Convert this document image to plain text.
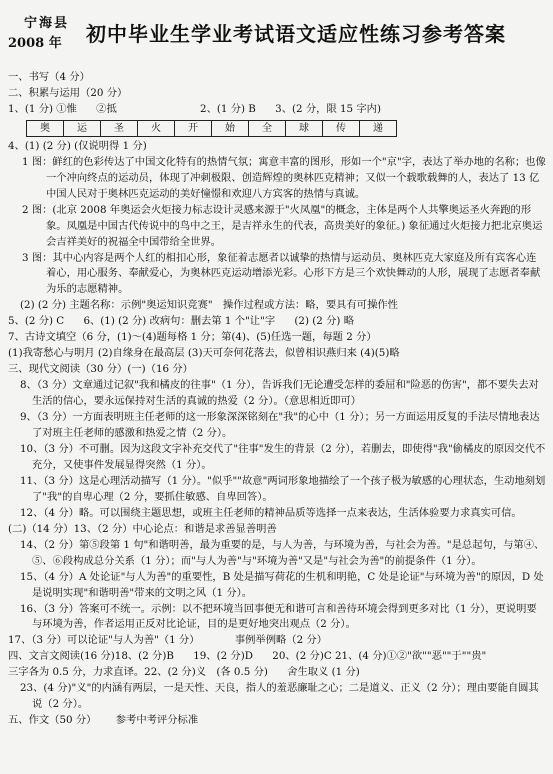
宁海县
2008 年 初中毕业生学业考试语文适应性练习参考答案
一、书写（4 分）
二、积累与运用（20 分）
1、(1 分) ①惟 ②抵	2、(1 分) B 3、(2 分，限 15 字内)
奥	运	圣	火	开	始	全	球	传	递
4、(1) (2 分) (仅说明得 1 分)
1 图：鲜红的色彩传达了中国文化特有的热情气氛；寓意丰富的图形，形如一个"京"字，表达了举办地的名称；也像一个冲向终点的运动员，体现了冲刺极限、创造辉煌的奥林匹克精神；又似一个载歌载舞的人，表达了 13 亿中国人民对于奥林匹克运动的美好憧憬和欢迎八方宾客的热情与真诚。
2 图：(北京 2008 年奥运会火炬接力标志设计灵感来源于"火凤凰"的概念，主体是两个人共擎奥运圣火奔跑的形象。凤凰是中国古代传说中的鸟中之王，是吉祥永生的代表，高贵美好的象征。) 象征通过火炬接力把北京奥运会吉祥美好的祝福全中国带给全世界。
3 图：其中心内容是两个人红的相扣心形，象征着志愿者以诚挚的热情与运动员、奥林匹克大家庭及所有宾客心连着心，用心服务、奉献爱心，为奥林匹克运动增添光彩。心形下方是三个欢快舞动的人形，展现了志愿者奉献为乐的志愿精神。
(2) (2 分) 主题名称：示例"奥运知识竞赛"　操作过程或方法：略，要具有可操作性
5、(2 分) C 6、(1) (2 分) 改病句：删去第 1 个"让"字 (2) (2 分) 略
7、古诗文填空（6 分，(1)～(4)题每格 1 分；第(4)、(5)任选一题，每题 2 分）
(1)我寄愁心与明月 (2)自缘身在最高层 (3)天可奈何花落去，似曾相识燕归来 (4)(5)略
三、现代文阅读（30 分）(一)（16 分）
8、（3 分）文章通过记叙"我和橘皮的往事"（1 分），告诉我们无论遭受怎样的委屈和"险恶的伤害"，都不要失去对生活的信心，要永远保持对生活的真诚的热爱（2 分）。（意思相近即可）
9、（3 分）一方面表明班主任老师的这一形象深深铭刻在"我"的心中（1 分）；另一方面运用反复的手法尽情地表达了对班主任老师的感激和热爱之情（2 分）。
10、（3 分）不可删。因为这段文字补充交代了"往事"发生的背景（2 分），若删去，即使得"我"偷橘皮的原因交代不充分，又使事件发展显得突然（1 分）。
11、（3 分）这是心理活动描写（1 分）。"似乎""故意"两词形象地描绘了一个孩子极为敏感的心理状态，生动地刻划了"我"的自卑心理（2 分，要抓住敏感、自卑回答）。
12、（4 分）略。可以围绕主题思想，或班主任老师的精神品质等选择一点来表达，生活体验要力求真实可信。
(二)（14 分）13、（2 分）中心论点：和谐是求善显善明善
14、（2 分）第⑤段第 1 句"和谐明善，最为重要的是，与人为善，与环境为善，与社会为善。"是总起句，与第④、⑤、⑥段构成总分关系（1 分）；而"与人为善"与"环境为善"又是"与社会为善"的前提条件（1 分）。
15、（4 分）A 处论证"与人为善"的重要性，B 处是描写荷花的生机和明艳，C 处是论证"与环境为善"的原因，D 处是说明实现"和谐明善"带来的文明之风（1 分）。
16、（3 分）答案可不统一。示例：以不把环境当回事便无和谐可言和善待环境会得到更多对比（1 分），更说明要与环境为善，作者运用正反对比论证，目的是更好地突出观点（2 分）。
17、（3 分）可以论证"与人为善"（1 分）	事例举例略（2 分）
四、文言文阅读(16 分)18、(2 分)B 19、(2 分)D 20、(2 分)C 21、(4 分)①②"欲""恶""于""贵"
三字各为 0.5 分，力求直译。22、(2 分)义　(各 0.5 分) 舍生取义 (1 分)
23、(4 分)"义"的内涵有两层，一是天性、天良，指人的羞恶廉耻之心；二是道义、正义（2 分）；理由要能自圆其说（2 分）。
五、作文（50 分） 参考中考评分标准
